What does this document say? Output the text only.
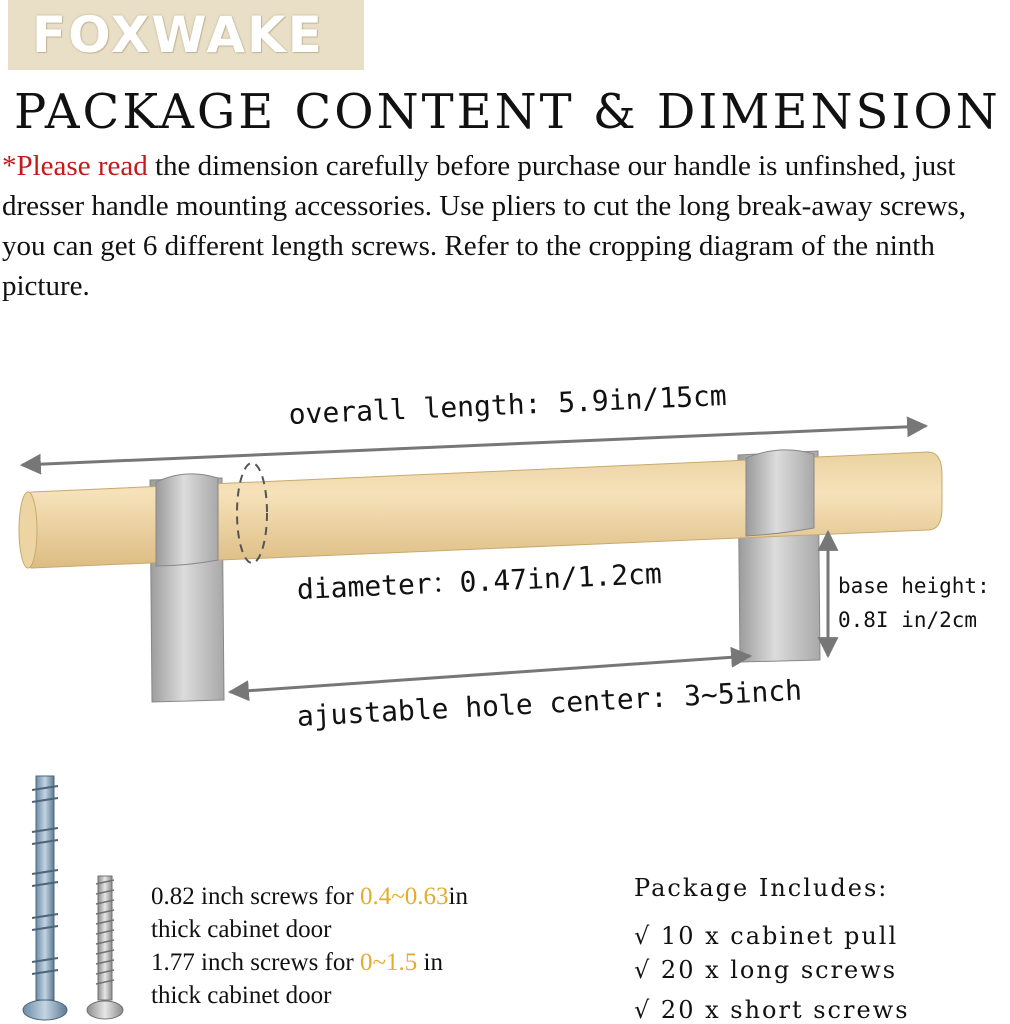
FOXWAKE
PACKAGE CONTENT & DIMENSION
*Please read the dimension carefully before purchase our handle is unfinshed, just dresser handle mounting accessories. Use pliers to cut the long break-away screws, you can get 6 different length screws. Refer to the cropping diagram of the ninth picture.
overall length: 5.9in/15cm
diameter：0.47in/1.2cm	base height:
0.8I in/2cm
ajustable hole center: 3~5inch
0.82 inch screws for 0.4~0.63in
thick cabinet door
1.77 inch screws for 0~1.5 in
thick cabinet door
Package Includes:
√ 10 x cabinet pull
√ 20 x long screws
√ 20 x short screws
